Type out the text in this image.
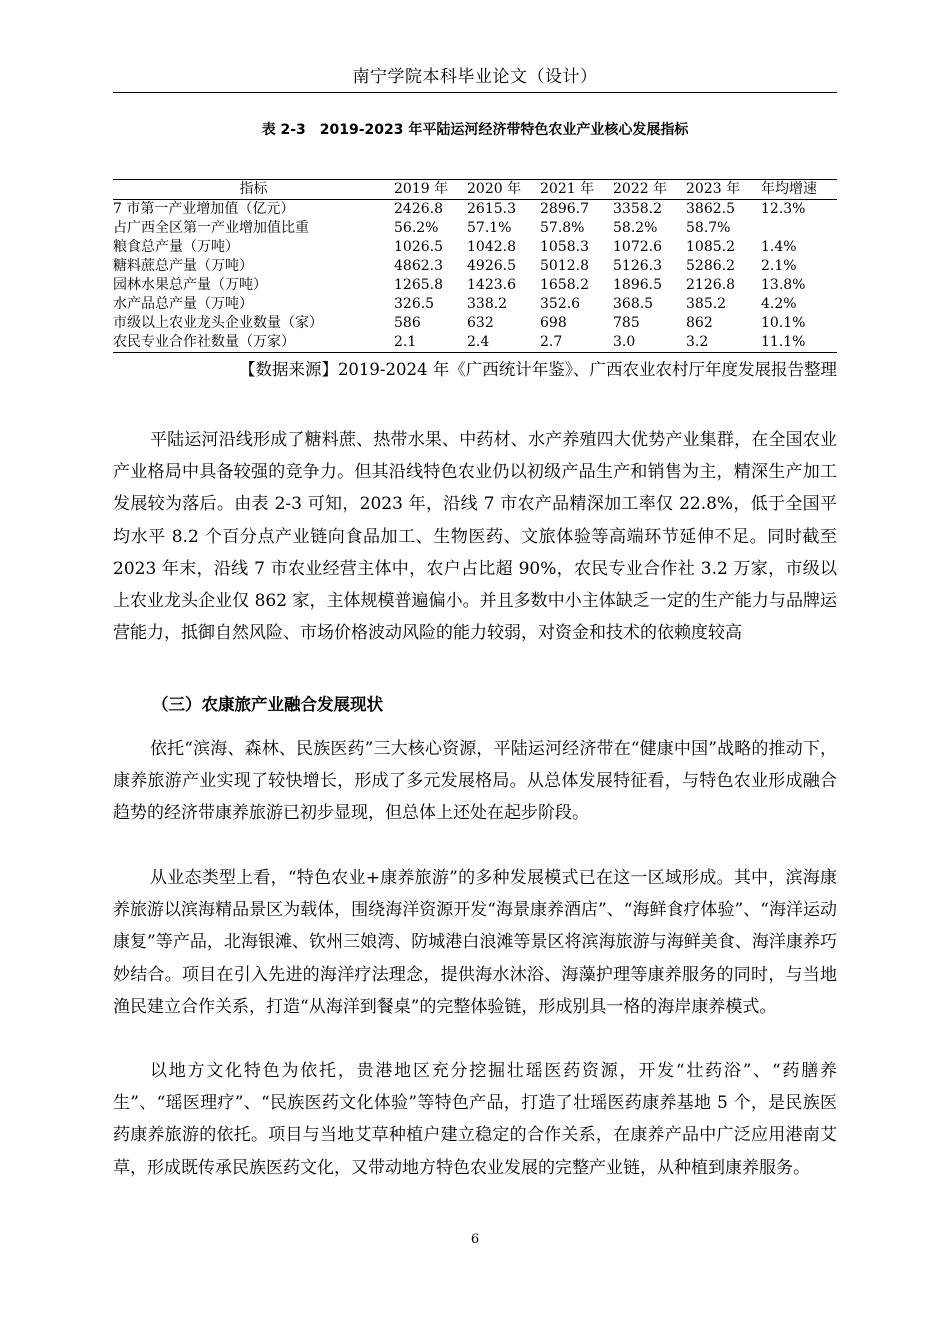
南宁学院本科毕业论文（设计）
表 2-3　2019-2023 年平陆运河经济带特色农业产业核心发展指标
指标	2019 年	2020 年	2021 年	2022 年	2023 年	年均增速
7 市第一产业增加值（亿元）	2426.8	2615.3	2896.7	3358.2	3862.5	12.3%
占广西全区第一产业增加值比重	56.2%	57.1%	57.8%	58.2%	58.7%	
粮食总产量（万吨）	1026.5	1042.8	1058.3	1072.6	1085.2	1.4%
糖料蔗总产量（万吨）	4862.3	4926.5	5012.8	5126.3	5286.2	2.1%
园林水果总产量（万吨）	1265.8	1423.6	1658.2	1896.5	2126.8	13.8%
水产品总产量（万吨）	326.5	338.2	352.6	368.5	385.2	4.2%
市级以上农业龙头企业数量（家）	586	632	698	785	862	10.1%
农民专业合作社数量（万家）	2.1	2.4	2.7	3.0	3.2	11.1%
【数据来源】2019-2024 年《广西统计年鉴》、广西农业农村厅年度发展报告整理

平陆运河沿线形成了糖料蔗、热带水果、中药材、水产养殖四大优势产业集群，在全国农业产业格局中具备较强的竞争力。但其沿线特色农业仍以初级产品生产和销售为主，精深生产加工发展较为落后。由表 2-3 可知，2023 年，沿线 7 市农产品精深加工率仅 22.8%，低于全国平均水平 8.2 个百分点产业链向食品加工、生物医药、文旅体验等高端环节延伸不足。同时截至 2023 年末，沿线 7 市农业经营主体中，农户占比超 90%，农民专业合作社 3.2 万家，市级以上农业龙头企业仅 862 家，主体规模普遍偏小。并且多数中小主体缺乏一定的生产能力与品牌运营能力，抵御自然风险、市场价格波动风险的能力较弱，对资金和技术的依赖度较高

（三）农康旅产业融合发展现状

依托“滨海、森林、民族医药”三大核心资源，平陆运河经济带在“健康中国”战略的推动下，康养旅游产业实现了较快增长，形成了多元发展格局。从总体发展特征看，与特色农业形成融合趋势的经济带康养旅游已初步显现，但总体上还处在起步阶段。

从业态类型上看，“特色农业+康养旅游”的多种发展模式已在这一区域形成。其中，滨海康养旅游以滨海精品景区为载体，围绕海洋资源开发“海景康养酒店”、“海鲜食疗体验”、“海洋运动康复”等产品，北海银滩、钦州三娘湾、防城港白浪滩等景区将滨海旅游与海鲜美食、海洋康养巧妙结合。项目在引入先进的海洋疗法理念，提供海水沐浴、海藻护理等康养服务的同时，与当地渔民建立合作关系，打造“从海洋到餐桌”的完整体验链，形成别具一格的海岸康养模式。

以地方文化特色为依托，贵港地区充分挖掘壮瑶医药资源，开发“壮药浴”、“药膳养生”、“瑶医理疗”、“民族医药文化体验”等特色产品，打造了壮瑶医药康养基地 5 个，是民族医药康养旅游的依托。项目与当地艾草种植户建立稳定的合作关系，在康养产品中广泛应用港南艾草，形成既传承民族医药文化，又带动地方特色农业发展的完整产业链，从种植到康养服务。

6
